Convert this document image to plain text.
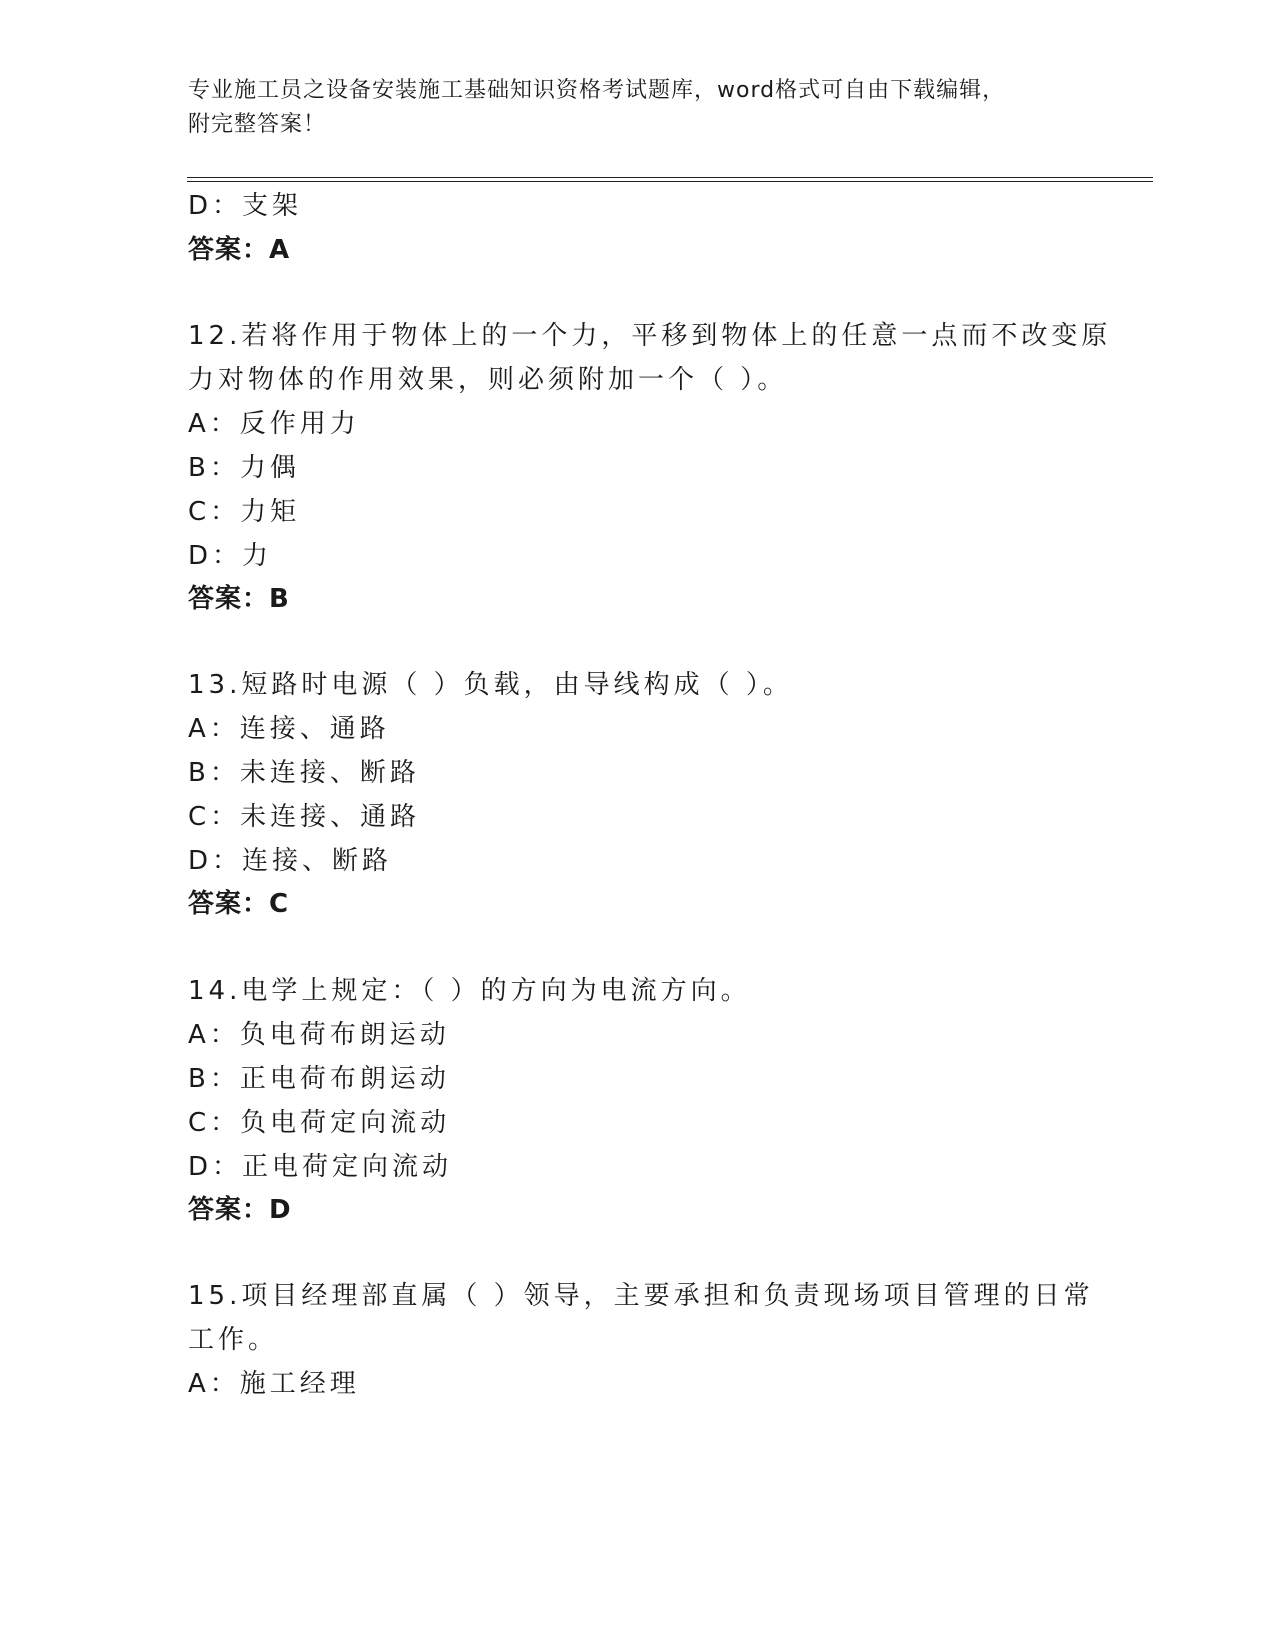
专业施工员之设备安装施工基础知识资格考试题库，word格式可自由下载编辑，
附完整答案！
D：支架
答案：A
12.若将作用于物体上的一个力，平移到物体上的任意一点而不改变原
力对物体的作用效果，则必须附加一个（ ）。
A：反作用力
B：力偶
C：力矩
D：力
答案：B
13.短路时电源（ ）负载，由导线构成（ ）。
A：连接、通路
B：未连接、断路
C：未连接、通路
D：连接、断路
答案：C
14.电学上规定：（ ）的方向为电流方向。
A：负电荷布朗运动
B：正电荷布朗运动
C：负电荷定向流动
D：正电荷定向流动
答案：D
15.项目经理部直属（ ）领导，主要承担和负责现场项目管理的日常
工作。
A：施工经理
